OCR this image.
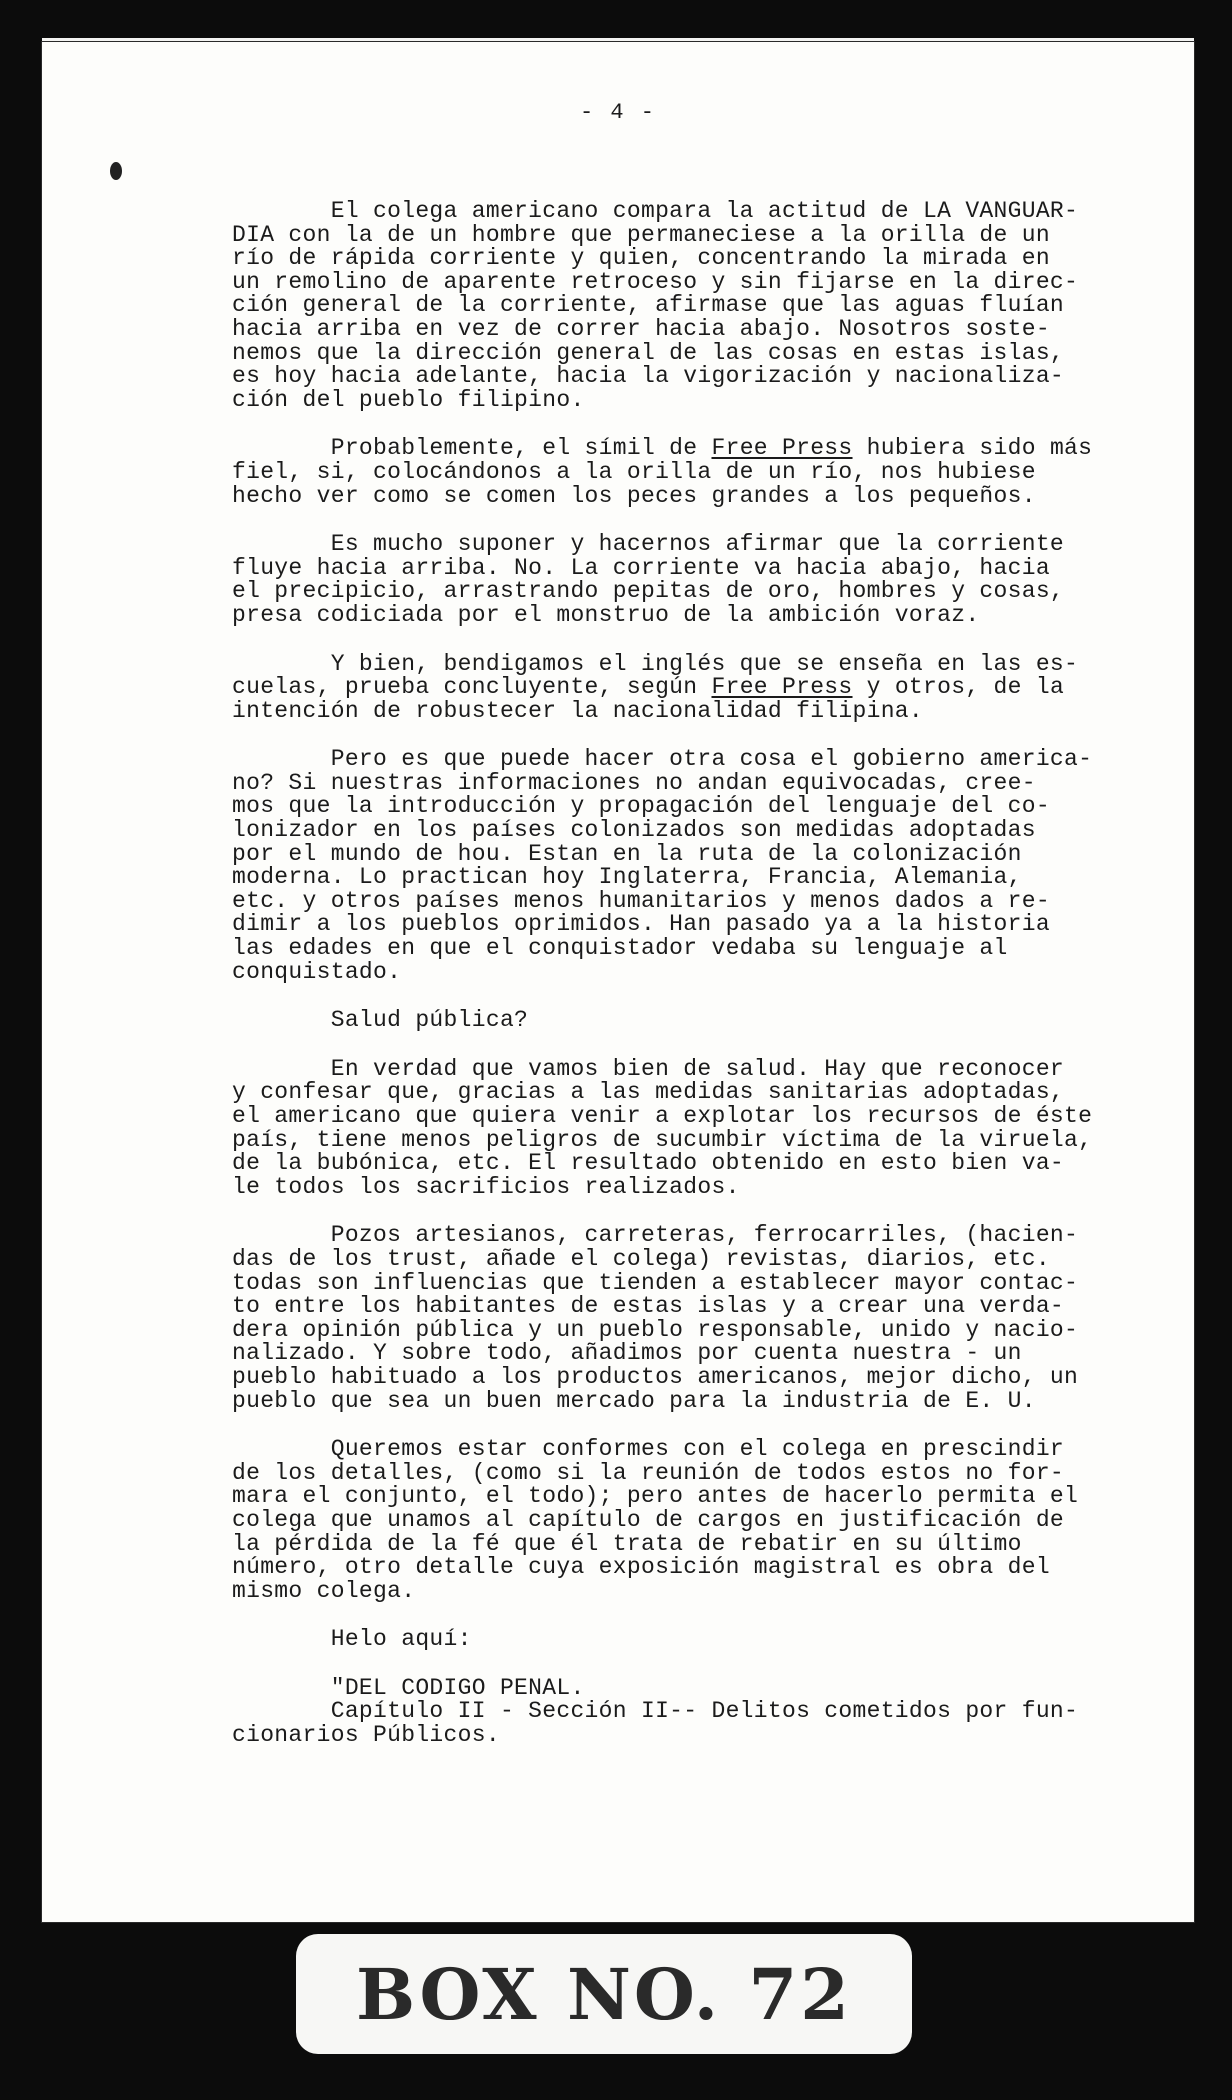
- 4 -
El colega americano compara la actitud de LA VANGUAR-
DIA con la de un hombre que permaneciese a la orilla de un
río de rápida corriente y quien, concentrando la mirada en
un remolino de aparente retroceso y sin fijarse en la direc-
ción general de la corriente, afirmase que las aguas fluían
hacia arriba en vez de correr hacia abajo. Nosotros soste-
nemos que la dirección general de las cosas en estas islas,
es hoy hacia adelante, hacia la vigorización y nacionaliza-
ción del pueblo filipino.
Probablemente, el símil de Free Press hubiera sido más
fiel, si, colocándonos a la orilla de un río, nos hubiese
hecho ver como se comen los peces grandes a los pequeños.
Es mucho suponer y hacernos afirmar que la corriente
fluye hacia arriba. No. La corriente va hacia abajo, hacia
el precipicio, arrastrando pepitas de oro, hombres y cosas,
presa codiciada por el monstruo de la ambición voraz.
Y bien, bendigamos el inglés que se enseña en las es-
cuelas, prueba concluyente, según Free Press y otros, de la
intención de robustecer la nacionalidad filipina.
Pero es que puede hacer otra cosa el gobierno america-
no? Si nuestras informaciones no andan equivocadas, cree-
mos que la introducción y propagación del lenguaje del co-
lonizador en los países colonizados son medidas adoptadas
por el mundo de hou. Estan en la ruta de la colonización
moderna. Lo practican hoy Inglaterra, Francia, Alemania,
etc. y otros países menos humanitarios y menos dados a re-
dimir a los pueblos oprimidos. Han pasado ya a la historia
las edades en que el conquistador vedaba su lenguaje al
conquistado.
Salud pública?
En verdad que vamos bien de salud. Hay que reconocer
y confesar que, gracias a las medidas sanitarias adoptadas,
el americano que quiera venir a explotar los recursos de éste
país, tiene menos peligros de sucumbir víctima de la viruela,
de la bubónica, etc. El resultado obtenido en esto bien va-
le todos los sacrificios realizados.
Pozos artesianos, carreteras, ferrocarriles, (hacien-
das de los trust, añade el colega) revistas, diarios, etc.
todas son influencias que tienden a establecer mayor contac-
to entre los habitantes de estas islas y a crear una verda-
dera opinión pública y un pueblo responsable, unido y nacio-
nalizado. Y sobre todo, añadimos por cuenta nuestra - un
pueblo habituado a los productos americanos, mejor dicho, un
pueblo que sea un buen mercado para la industria de E. U.
Queremos estar conformes con el colega en prescindir
de los detalles, (como si la reunión de todos estos no for-
mara el conjunto, el todo); pero antes de hacerlo permita el
colega que unamos al capítulo de cargos en justificación de
la pérdida de la fé que él trata de rebatir en su último
número, otro detalle cuya exposición magistral es obra del
mismo colega.
Helo aquí:
"DEL CODIGO PENAL.
Capítulo II - Sección II-- Delitos cometidos por fun-
cionarios Públicos.
BOX NO. 72
